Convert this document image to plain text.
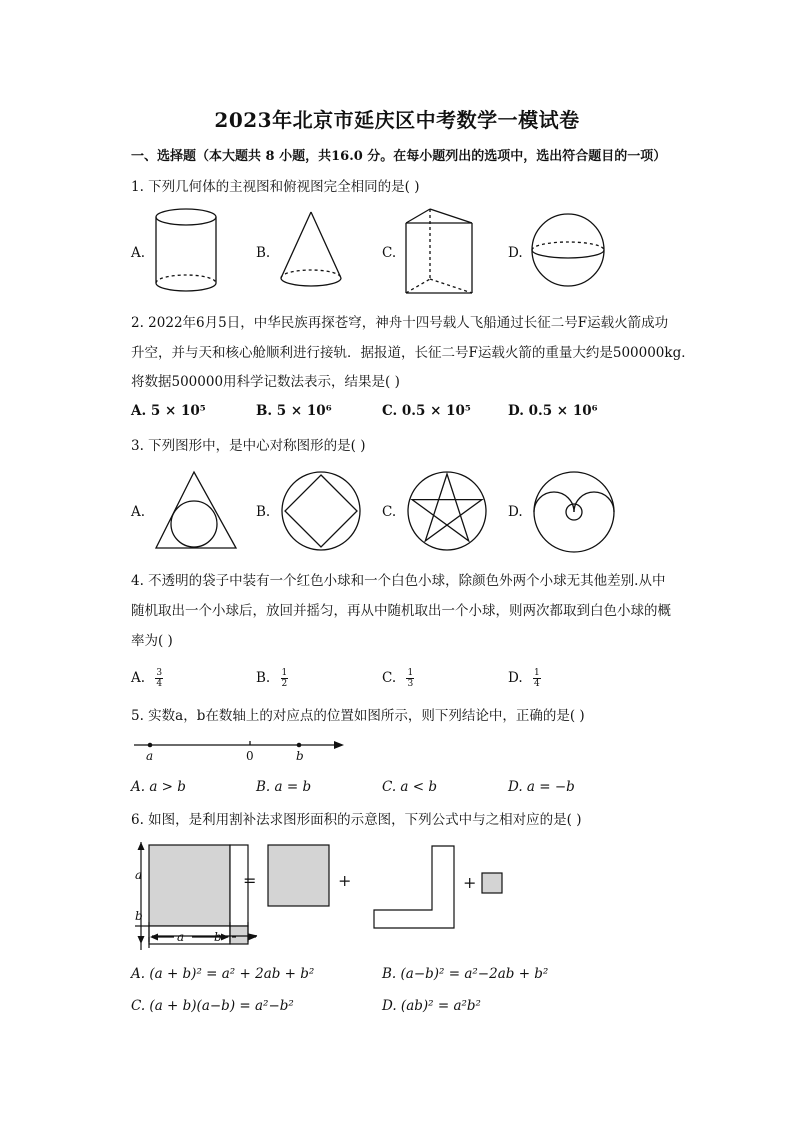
2023年北京市延庆区中考数学一模试卷
一、选择题（本大题共 8 小题，共16.0 分。在每小题列出的选项中，选出符合题目的一项）
1. 下列几何体的主视图和俯视图完全相同的是( )
A.	B.	C.	D.
2. 2022年6月5日，中华民族再探苍穹，神舟十四号载人飞船通过长征二号F运载火箭成功
升空，并与天和核心舱顺利进行接轨．据报道，长征二号F运载火箭的重量大约是500000kg．
将数据500000用科学记数法表示，结果是( )
A. 5 × 10⁵	B. 5 × 10⁶	C. 0.5 × 10⁵	D. 0.5 × 10⁶
3. 下列图形中，是中心对称图形的是( )
A.	B.	C.	D.
4. 不透明的袋子中装有一个红色小球和一个白色小球，除颜色外两个小球无其他差别.从中
随机取出一个小球后，放回并摇匀，再从中随机取出一个小球，则两次都取到白色小球的概
率为( )
A. $\frac{3}{4}$	B. $\frac{1}{2}$	C. $\frac{1}{3}$	D. $\frac{1}{4}$
5. 实数a，b在数轴上的对应点的位置如图所示，则下列结论中，正确的是( )
a	0	b
A. a > b	B. a = b	C. a < b	D. a = −b
6. 如图，是利用割补法求图形面积的示意图，下列公式中与之相对应的是( )
a
b
a b
=	+	+
A. (a + b)² = a² + 2ab + b²	B. (a−b)² = a²−2ab + b²
C. (a + b)(a−b) = a²−b²	D. (ab)² = a²b²
